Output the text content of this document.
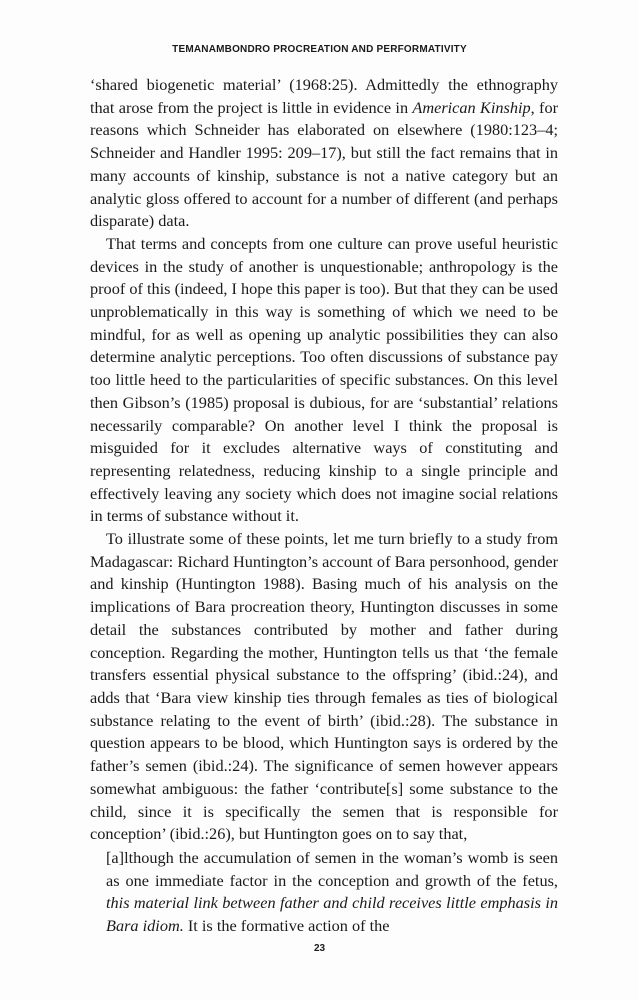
TEMANAMBONDRO PROCREATION AND PERFORMATIVITY

‘shared biogenetic material’ (1968:25). Admittedly the ethnography that arose from the project is little in evidence in American Kinship, for reasons which Schneider has elaborated on elsewhere (1980:123–4; Schneider and Handler 1995: 209–17), but still the fact remains that in many accounts of kinship, substance is not a native category but an analytic gloss offered to account for a number of different (and perhaps disparate) data.

That terms and concepts from one culture can prove useful heuristic devices in the study of another is unquestionable; anthropology is the proof of this (indeed, I hope this paper is too). But that they can be used unproblematically in this way is something of which we need to be mindful, for as well as opening up analytic possibilities they can also determine analytic perceptions. Too often discussions of substance pay too little heed to the particularities of specific substances. On this level then Gibson’s (1985) proposal is dubious, for are ‘substantial’ relations necessarily comparable? On another level I think the proposal is misguided for it excludes alternative ways of constituting and representing relatedness, reducing kinship to a single principle and effectively leaving any society which does not imagine social relations in terms of substance without it.

To illustrate some of these points, let me turn briefly to a study from Madagascar: Richard Huntington’s account of Bara personhood, gender and kinship (Huntington 1988). Basing much of his analysis on the implications of Bara procreation theory, Huntington discusses in some detail the substances contributed by mother and father during conception. Regarding the mother, Huntington tells us that ‘the female transfers essential physical substance to the offspring’ (ibid.:24), and adds that ‘Bara view kinship ties through females as ties of biological substance relating to the event of birth’ (ibid.:28). The substance in question appears to be blood, which Huntington says is ordered by the father’s semen (ibid.:24). The significance of semen however appears somewhat ambiguous: the father ‘contribute[s] some substance to the child, since it is specifically the semen that is responsible for conception’ (ibid.:26), but Huntington goes on to say that,

[a]lthough the accumulation of semen in the woman’s womb is seen as one immediate factor in the conception and growth of the fetus, this material link between father and child receives little emphasis in Bara idiom. It is the formative action of the

23
